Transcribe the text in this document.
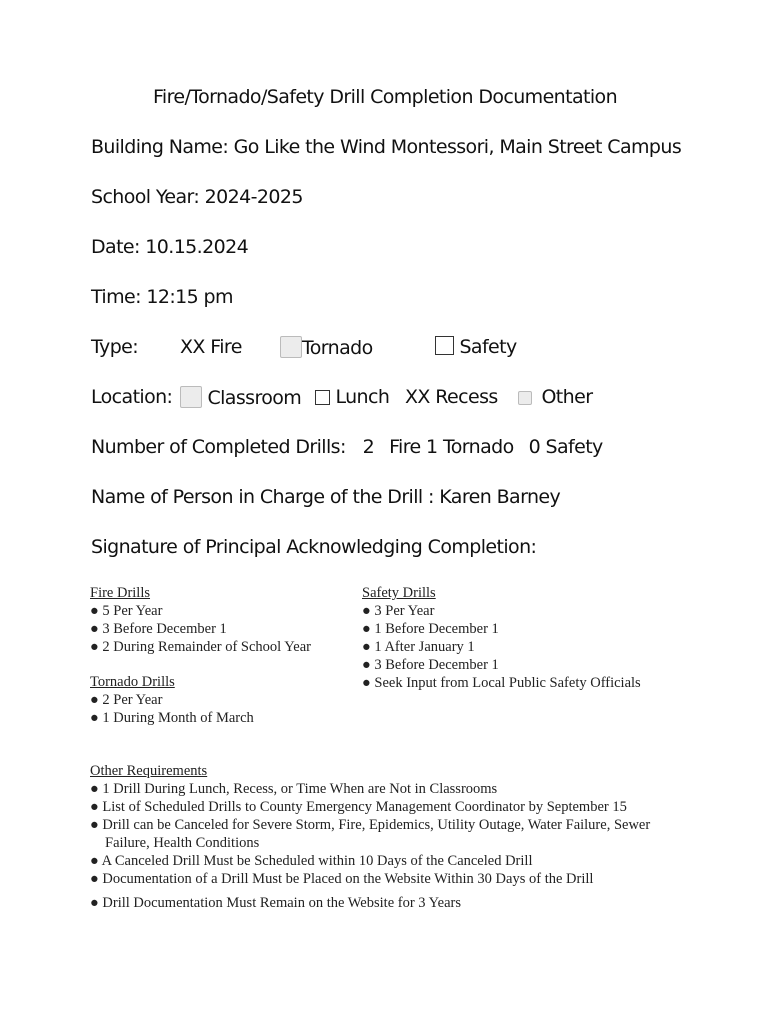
Fire/Tornado/Safety Drill Completion Documentation
Building Name: Go Like the Wind Montessori, Main Street Campus
School Year: 2024-2025
Date: 10.15.2024
Time: 12:15 pm
Type: XX Fire	Tornado	Safety
Location:	Classroom	Lunch XX Recess	Other
Number of Completed Drills: 2 Fire 1 Tornado 0 Safety
Name of Person in Charge of the Drill : Karen Barney
Signature of Principal Acknowledging Completion:
Fire Drills
● 5 Per Year
● 3 Before December 1
● 2 During Remainder of School Year
Tornado Drills
● 2 Per Year
● 1 During Month of March
Safety Drills
● 3 Per Year
● 1 Before December 1
● 1 After January 1
● 3 Before December 1
● Seek Input from Local Public Safety Officials
Other Requirements
● 1 Drill During Lunch, Recess, or Time When are Not in Classrooms
● List of Scheduled Drills to County Emergency Management Coordinator by September 15
● Drill can be Canceled for Severe Storm, Fire, Epidemics, Utility Outage, Water Failure, Sewer
Failure, Health Conditions
● A Canceled Drill Must be Scheduled within 10 Days of the Canceled Drill
● Documentation of a Drill Must be Placed on the Website Within 30 Days of the Drill
● Drill Documentation Must Remain on the Website for 3 Years
